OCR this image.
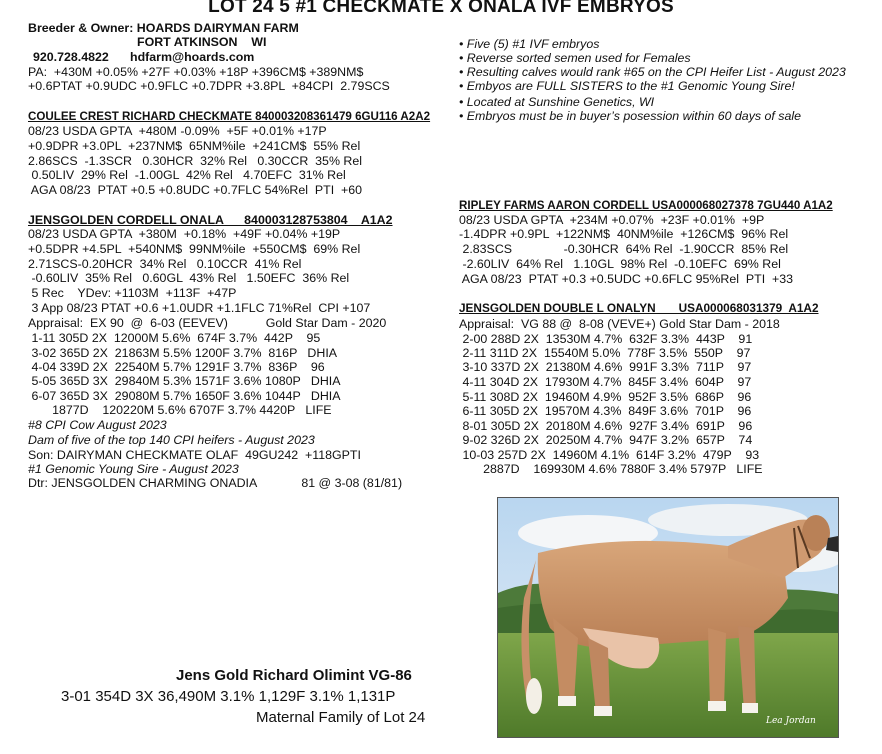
LOT 24 5 #1 CHECKMATE X ONALA IVF EMBRYOS
Breeder & Owner: HOARDS DAIRYMAN FARM
FORT ATKINSON    WI
920.728.4822 hdfarm@hoards.com
PA:  +430M +0.05% +27F +0.03% +18P +396CM$ +389NM$
+0.6PTAT +0.9UDC +0.9FLC +0.7DPR +3.8PL  +84CPI  2.79SCS
• Five (5) #1 IVF embryos
• Reverse sorted semen used for Females
• Resulting calves would rank #65 on the CPI Heifer List - August 2023
• Embyos are FULL SISTERS to the #1 Genomic Young Sire!
• Located at Sunshine Genetics, WI
• Embryos must be in buyer’s posession within 60 days of sale
COULEE CREST RICHARD CHECKMATE 840003208361479 6GU116 A2A2
08/23 USDA GPTA  +480M -0.09%  +5F +0.01% +17P
+0.9DPR +3.0PL  +237NM$  65NM%ile  +241CM$  55% Rel
2.86SCS  -1.3SCR   0.30HCR  32% Rel   0.30CCR  35% Rel
0.50LIV  29% Rel  -1.00GL  42% Rel   4.70EFC  31% Rel
AGA 08/23  PTAT +0.5 +0.8UDC +0.7FLC 54%Rel  PTI  +60
JENSGOLDEN CORDELL ONALA      840003128753804    A1A2
08/23 USDA GPTA  +380M  +0.18%  +49F +0.04% +19P
+0.5DPR +4.5PL  +540NM$  99NM%ile  +550CM$  69% Rel
2.71SCS-0.20HCR  34% Rel   0.10CCR  41% Rel
-0.60LIV  35% Rel   0.60GL  43% Rel   1.50EFC  36% Rel
5 Rec    YDev: +1103M  +113F  +47P
3 App 08/23 PTAT +0.6 +1.0UDR +1.1FLC 71%Rel  CPI +107
Appraisal:  EX 90  @  6-03 (EEVEV)           Gold Star Dam - 2020
1-11 305D 2X  12000M 5.6%  674F 3.7%  442P    95
3-02 365D 2X  21863M 5.5% 1200F 3.7%  816P   DHIA
4-04 339D 2X  22540M 5.7% 1291F 3.7%  836P    96
5-05 365D 3X  29840M 5.3% 1571F 3.6% 1080P   DHIA
6-07 365D 3X  29080M 5.7% 1650F 3.6% 1044P   DHIA
1877D    120220M 5.6% 6707F 3.7% 4420P   LIFE
#8 CPI Cow August 2023
Dam of five of the top 140 CPI heifers - August 2023
Son: DAIRYMAN CHECKMATE OLAF  49GU242  +118GPTI
#1 Genomic Young Sire - August 2023
Dtr: JENSGOLDEN CHARMING ONADIA             81 @ 3-08 (81/81)
RIPLEY FARMS AARON CORDELL USA000068027378 7GU440 A1A2
08/23 USDA GPTA  +234M +0.07%  +23F +0.01%  +9P
-1.4DPR +0.9PL  +122NM$  40NM%ile  +126CM$  96% Rel
2.83SCS               -0.30HCR  64% Rel  -1.90CCR  85% Rel
-2.60LIV  64% Rel   1.10GL  98% Rel  -0.10EFC  69% Rel
AGA 08/23  PTAT +0.3 +0.5UDC +0.6FLC 95%Rel  PTI  +33
JENSGOLDEN DOUBLE L ONALYN       USA000068031379  A1A2
Appraisal:  VG 88 @  8-08 (VEVE+) Gold Star Dam - 2018
2-00 288D 2X  13530M 4.7%  632F 3.3%  443P    91
2-11 311D 2X  15540M 5.0%  778F 3.5%  550P    97
3-10 337D 2X  21380M 4.6%  991F 3.3%  711P    97
4-11 304D 2X  17930M 4.7%  845F 3.4%  604P    97
5-11 308D 2X  19460M 4.9%  952F 3.5%  686P    96
6-11 305D 2X  19570M 4.3%  849F 3.6%  701P    96
8-01 305D 2X  20180M 4.6%  927F 3.4%  691P    96
9-02 326D 2X  20250M 4.7%  947F 3.2%  657P    74
10-03 257D 2X  14960M 4.1%  614F 3.2%  479P    93
2887D    169930M 4.6% 7880F 3.4% 5797P   LIFE
Lea Jordan
Jens Gold Richard Olimint VG-86
3-01 354D 3X 36,490M 3.1% 1,129F 3.1% 1,131P
Maternal Family of Lot 24
